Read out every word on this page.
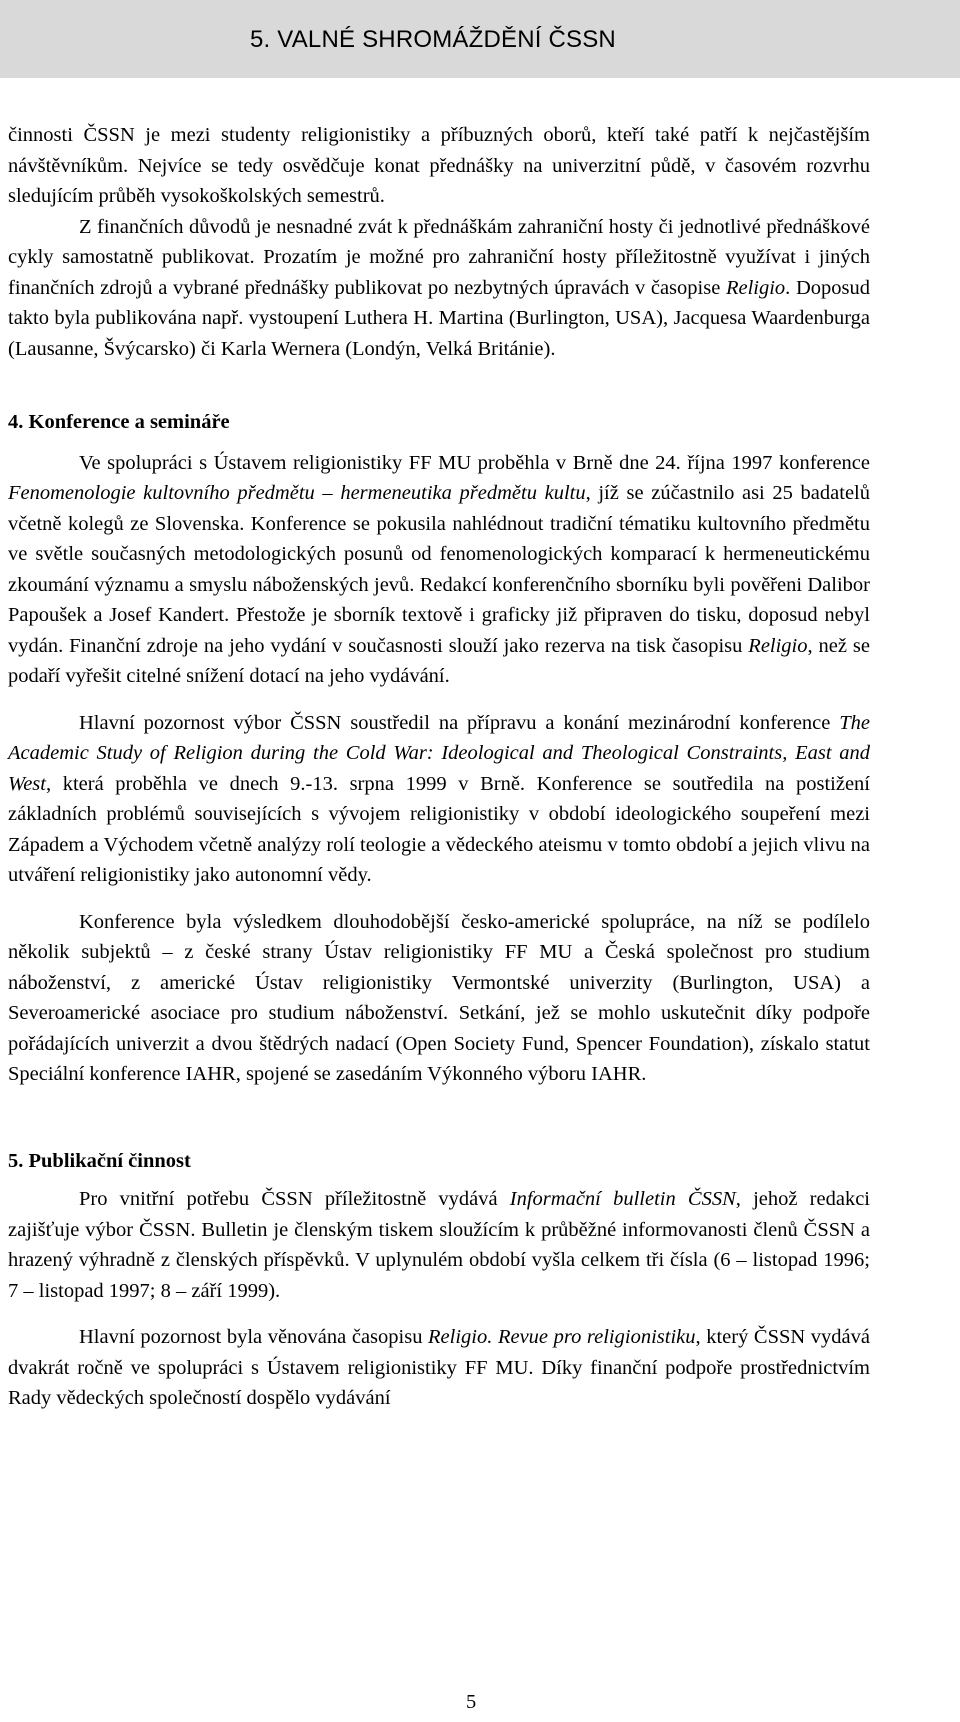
5. VALNÉ SHROMÁŽDĚNÍ ČSSN

činnosti ČSSN je mezi studenty religionistiky a příbuzných oborů, kteří také patří k nejčastějším návštěvníkům. Nejvíce se tedy osvědčuje konat přednášky na univerzitní půdě, v časovém rozvrhu sledujícím průběh vysokoškolských semestrů.

Z finančních důvodů je nesnadné zvát k přednáškám zahraniční hosty či jednotlivé přednáškové cykly samostatně publikovat. Prozatím je možné pro zahraniční hosty příležitostně využívat i jiných finančních zdrojů a vybrané přednášky publikovat po nezbytných úpravách v časopise Religio. Doposud takto byla publikována např. vystoupení Luthera H. Martina (Burlington, USA), Jacquesa Waardenburga (Lausanne, Švýcarsko) či Karla Wernera (Londýn, Velká Británie).

4. Konference a semináře

Ve spolupráci s Ústavem religionistiky FF MU proběhla v Brně dne 24. října 1997 konference Fenomenologie kultovního předmětu – hermeneutika předmětu kultu, jíž se zúčastnilo asi 25 badatelů včetně kolegů ze Slovenska. Konference se pokusila nahlédnout tradiční tématiku kultovního předmětu ve světle současných metodologických posunů od fenomenologických komparací k hermeneutickému zkoumání významu a smyslu náboženských jevů. Redakcí konferenčního sborníku byli pověřeni Dalibor Papoušek a Josef Kandert. Přestože je sborník textově i graficky již připraven do tisku, doposud nebyl vydán. Finanční zdroje na jeho vydání v současnosti slouží jako rezerva na tisk časopisu Religio, než se podaří vyřešit citelné snížení dotací na jeho vydávání.

Hlavní pozornost výbor ČSSN soustředil na přípravu a konání mezinárodní konference The Academic Study of Religion during the Cold War: Ideological and Theological Constraints, East and West, která proběhla ve dnech 9.-13. srpna 1999 v Brně. Konference se soutředila na postižení základních problémů souvisejících s vývojem religionistiky v období ideologického soupeření mezi Západem a Východem včetně analýzy rolí teologie a vědeckého ateismu v tomto období a jejich vlivu na utváření religionistiky jako autonomní vědy.

Konference byla výsledkem dlouhodobější česko-americké spolupráce, na níž se podílelo několik subjektů – z české strany Ústav religionistiky FF MU a Česká společnost pro studium náboženství, z americké Ústav religionistiky Vermontské univerzity (Burlington, USA) a Severoamerické asociace pro studium náboženství. Setkání, jež se mohlo uskutečnit díky podpoře pořádajících univerzit a dvou štědrých nadací (Open Society Fund, Spencer Foundation), získalo statut Speciální konference IAHR, spojené se zasedáním Výkonného výboru IAHR.

5. Publikační činnost

Pro vnitřní potřebu ČSSN příležitostně vydává Informační bulletin ČSSN, jehož redakci zajišťuje výbor ČSSN. Bulletin je členským tiskem sloužícím k průběžné informovanosti členů ČSSN a hrazený výhradně z členských příspěvků. V uplynulém období vyšla celkem tři čísla (6 – listopad 1996; 7 – listopad 1997; 8 – září 1999).

Hlavní pozornost byla věnována časopisu Religio. Revue pro religionistiku, který ČSSN vydává dvakrát ročně ve spolupráci s Ústavem religionistiky FF MU. Díky finanční podpoře prostřednictvím Rady vědeckých společností dospělo vydávání

5
